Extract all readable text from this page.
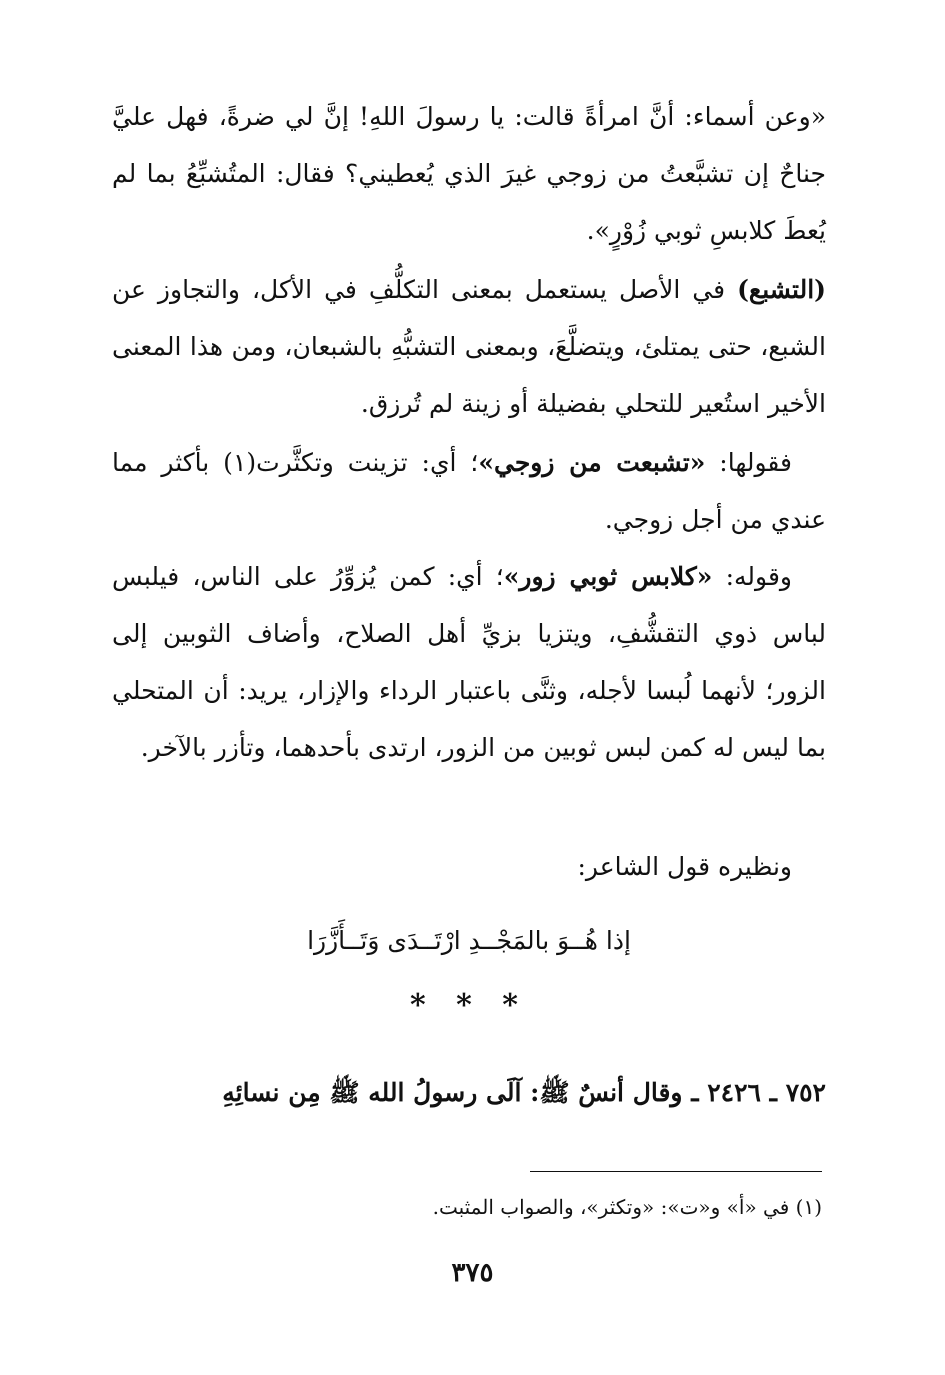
«وعن أسماء: أنَّ امرأةً قالت: يا رسولَ اللهِ! إنَّ لي ضرةً، فهل عليَّ جناحٌ إن تشبَّعتُ من زوجي غيرَ الذي يُعطيني؟ فقال: المتُشبِّعُ بما لم يُعطَ كلابسِ ثوبي زُوْرٍ».

(التشبع) في الأصل يستعمل بمعنى التكلُّفِ في الأكل، والتجاوز عن الشبع، حتى يمتلئ، ويتضلَّعَ، وبمعنى التشبُّهِ بالشبعان، ومن هذا المعنى الأخير استُعير للتحلي بفضيلة أو زينة لم تُرزق.

فقولها: «تشبعت من زوجي»؛ أي: تزينت وتكثَّرت(١) بأكثر مما عندي من أجل زوجي.

وقوله: «كلابس ثوبي زور»؛ أي: كمن يُزوِّرُ على الناس، فيلبس لباس ذوي التقشُّفِ، ويتزيا بزيِّ أهل الصلاح، وأضاف الثوبين إلى الزور؛ لأنهما لُبسا لأجله، وثنَّى باعتبار الرداء والإزار، يريد: أن المتحلي بما ليس له كمن لبس ثوبين من الزور، ارتدى بأحدهما، وتأزر بالآخر.

ونظيره قول الشاعر:

إذا هُــوَ بالمَجْــدِ ارْتَــدَى وَتَــأَزَّرَا
* * *
٧٥٢ ـ ٢٤٢٦ ـ وقال أنسٌ ﷺ: آلَى رسولُ الله ﷺ مِن نسائِهِ
(١) في «أ» و«ت»: «وتكثر»، والصواب المثبت.
٣٧٥
